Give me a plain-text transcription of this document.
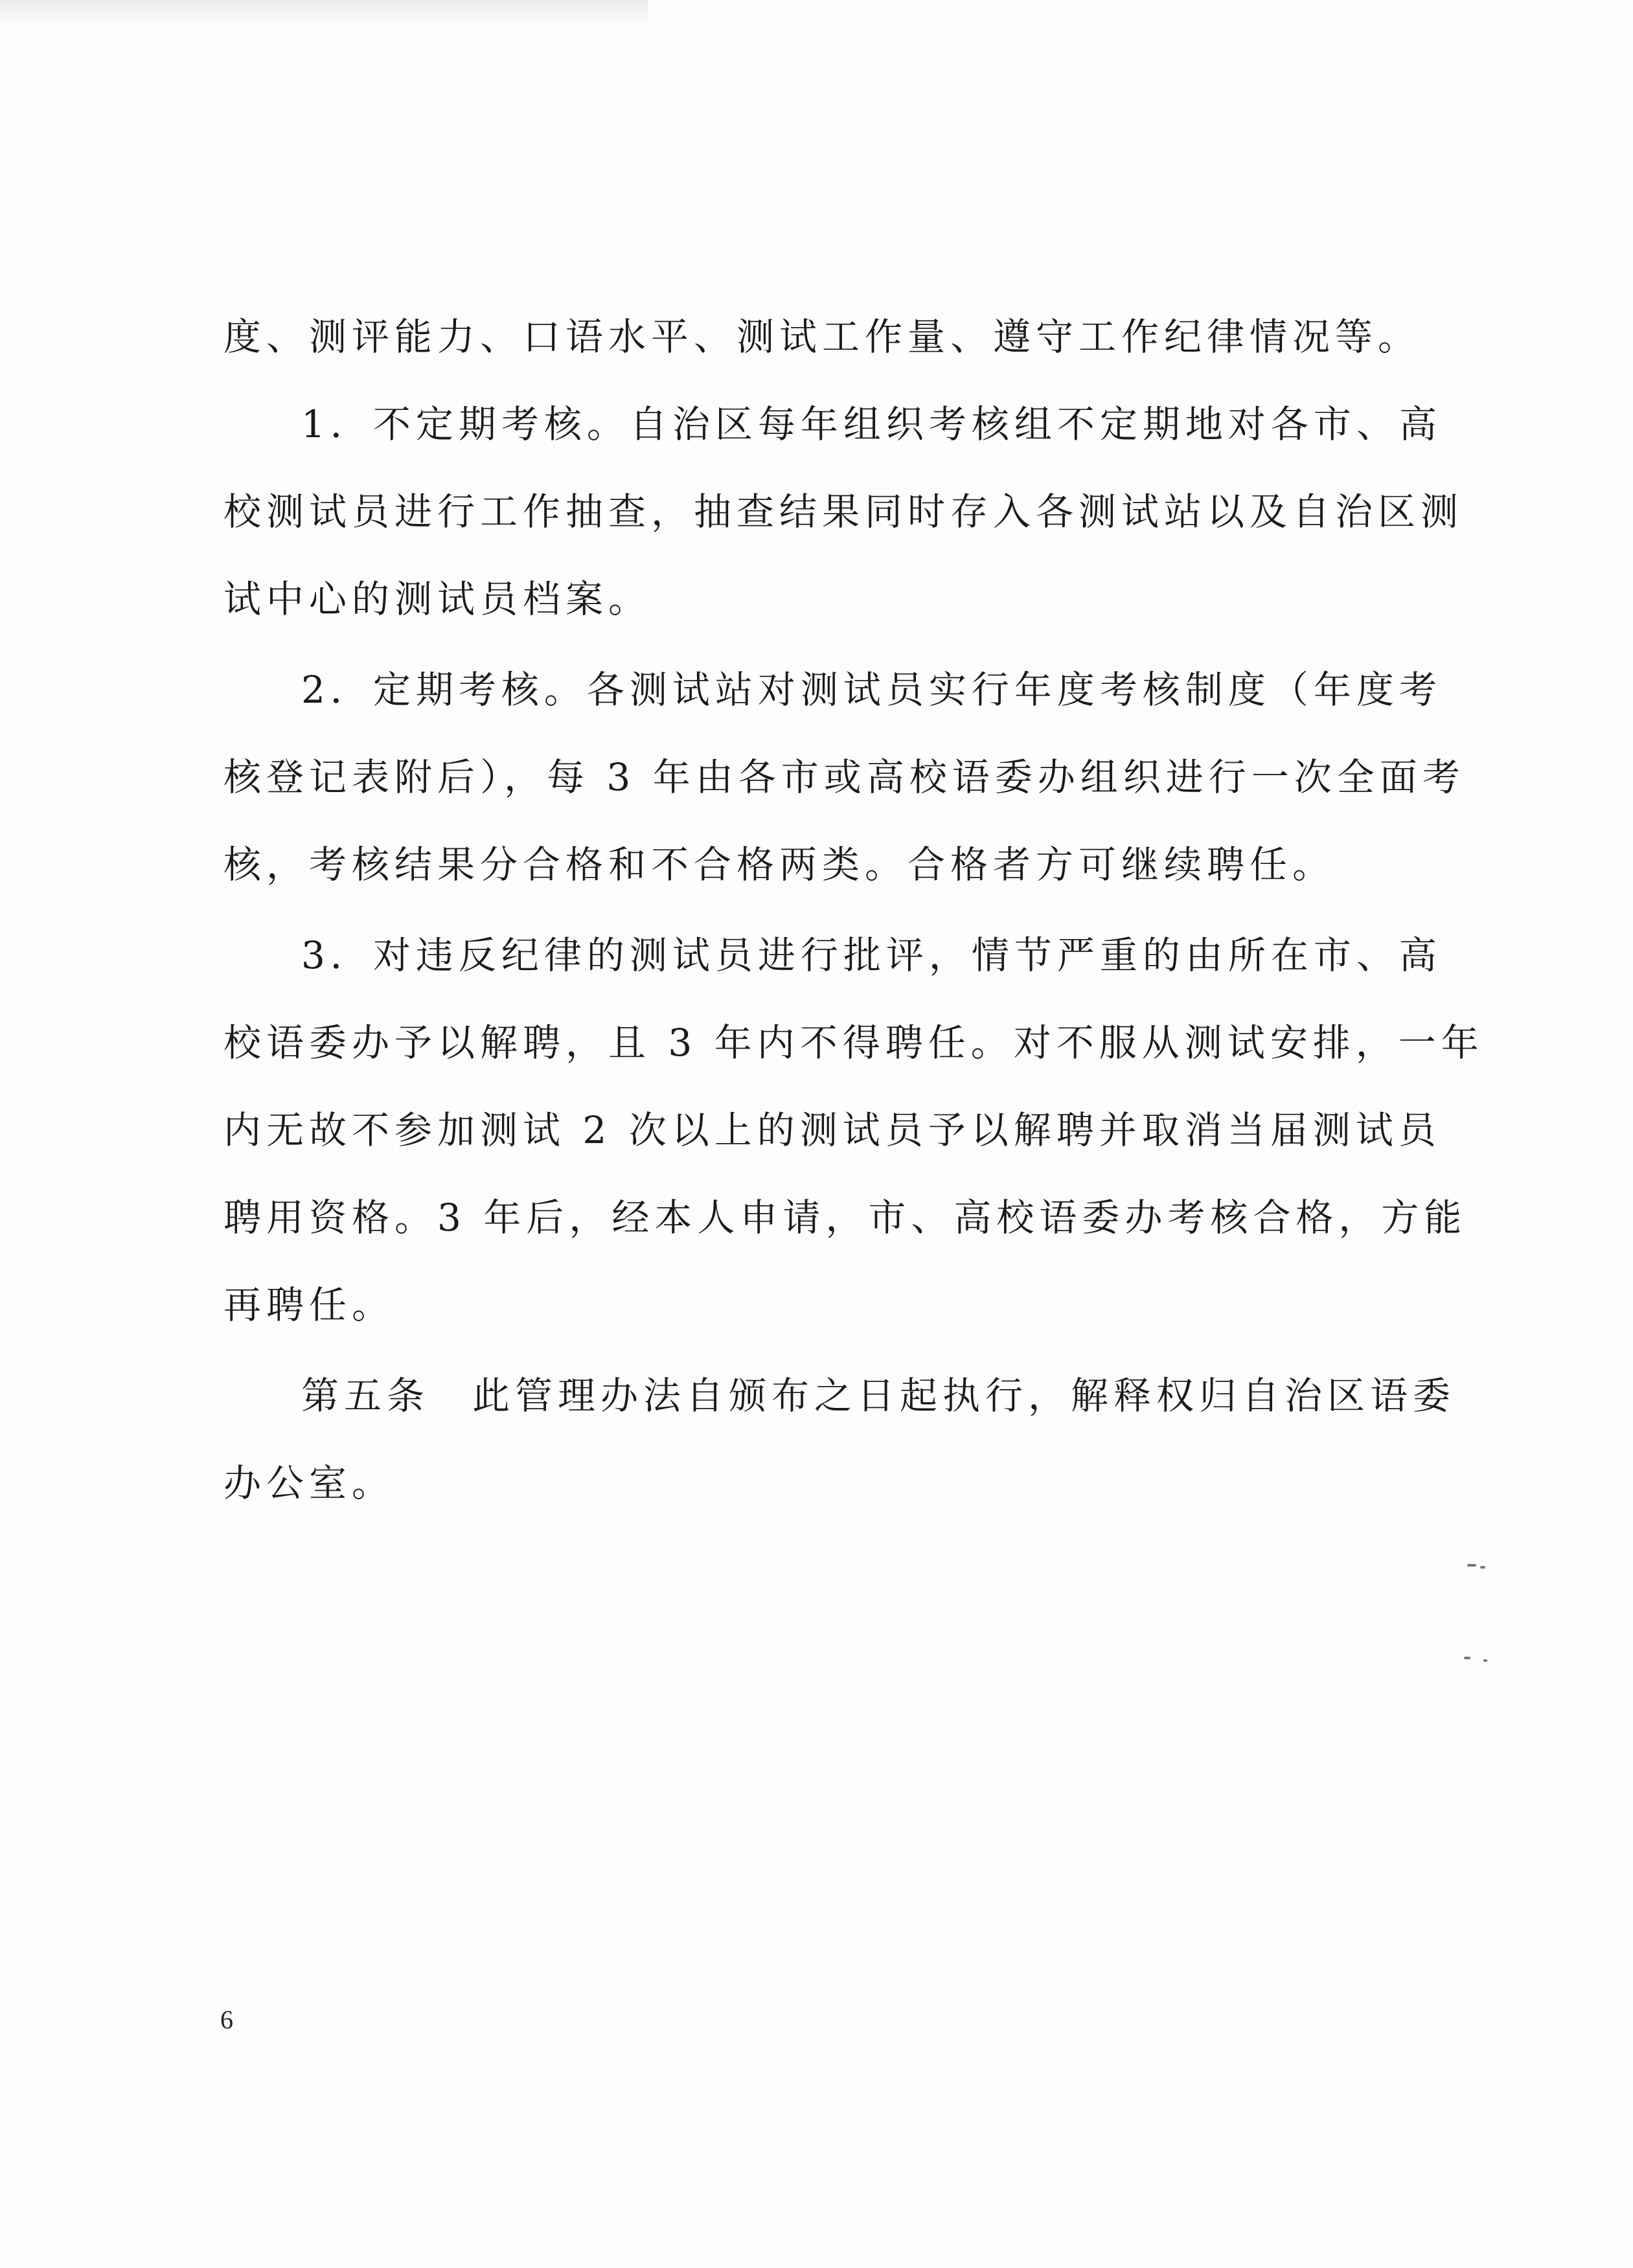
度、测评能力、口语水平、测试工作量、遵守工作纪律情况等。
1．不定期考核。自治区每年组织考核组不定期地对各市、高
校测试员进行工作抽查，抽查结果同时存入各测试站以及自治区测
试中心的测试员档案。
2．定期考核。各测试站对测试员实行年度考核制度（年度考
核登记表附后），每 3 年由各市或高校语委办组织进行一次全面考
核，考核结果分合格和不合格两类。合格者方可继续聘任。
3．对违反纪律的测试员进行批评，情节严重的由所在市、高
校语委办予以解聘，且 3 年内不得聘任。对不服从测试安排，一年
内无故不参加测试 2 次以上的测试员予以解聘并取消当届测试员
聘用资格。3 年后，经本人申请，市、高校语委办考核合格，方能
再聘任。
第五条　此管理办法自颁布之日起执行，解释权归自治区语委
办公室。
6
